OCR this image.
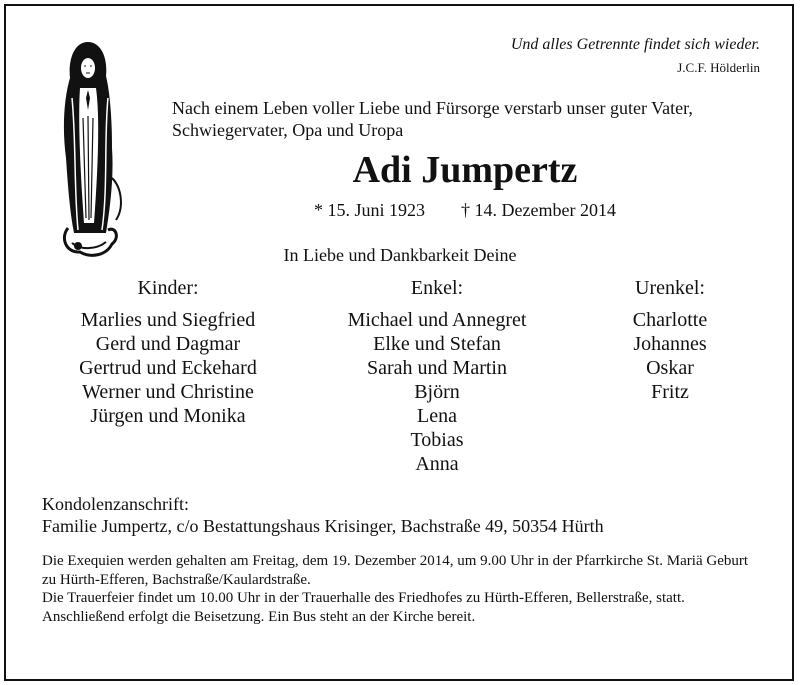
Und alles Getrennte findet sich wieder.
J.C.F. Hölderlin
Nach einem Leben voller Liebe und Fürsorge verstarb unser guter Vater, Schwiegervater, Opa und Uropa
Adi Jumpertz
* 15. Juni 1923 † 14. Dezember 2014
In Liebe und Dankbarkeit Deine
Kinder:
Marlies und Siegfried
Gerd und Dagmar
Gertrud und Eckehard
Werner und Christine
Jürgen und Monika
Enkel:
Michael und Annegret
Elke und Stefan
Sarah und Martin
Björn
Lena
Tobias
Anna
Urenkel:
Charlotte
Johannes
Oskar
Fritz
Kondolenzanschrift:
Familie Jumpertz, c/o Bestattungshaus Krisinger, Bachstraße 49, 50354 Hürth

Die Exequien werden gehalten am Freitag, dem 19. Dezember 2014, um 9.00 Uhr in der Pfarrkirche St. Mariä Geburt zu Hürth-Efferen, Bachstraße/Kaulardstraße.

Die Trauerfeier findet um 10.00 Uhr in der Trauerhalle des Friedhofes zu Hürth-Efferen, Bellerstraße, statt.

Anschließend erfolgt die Beisetzung. Ein Bus steht an der Kirche bereit.
